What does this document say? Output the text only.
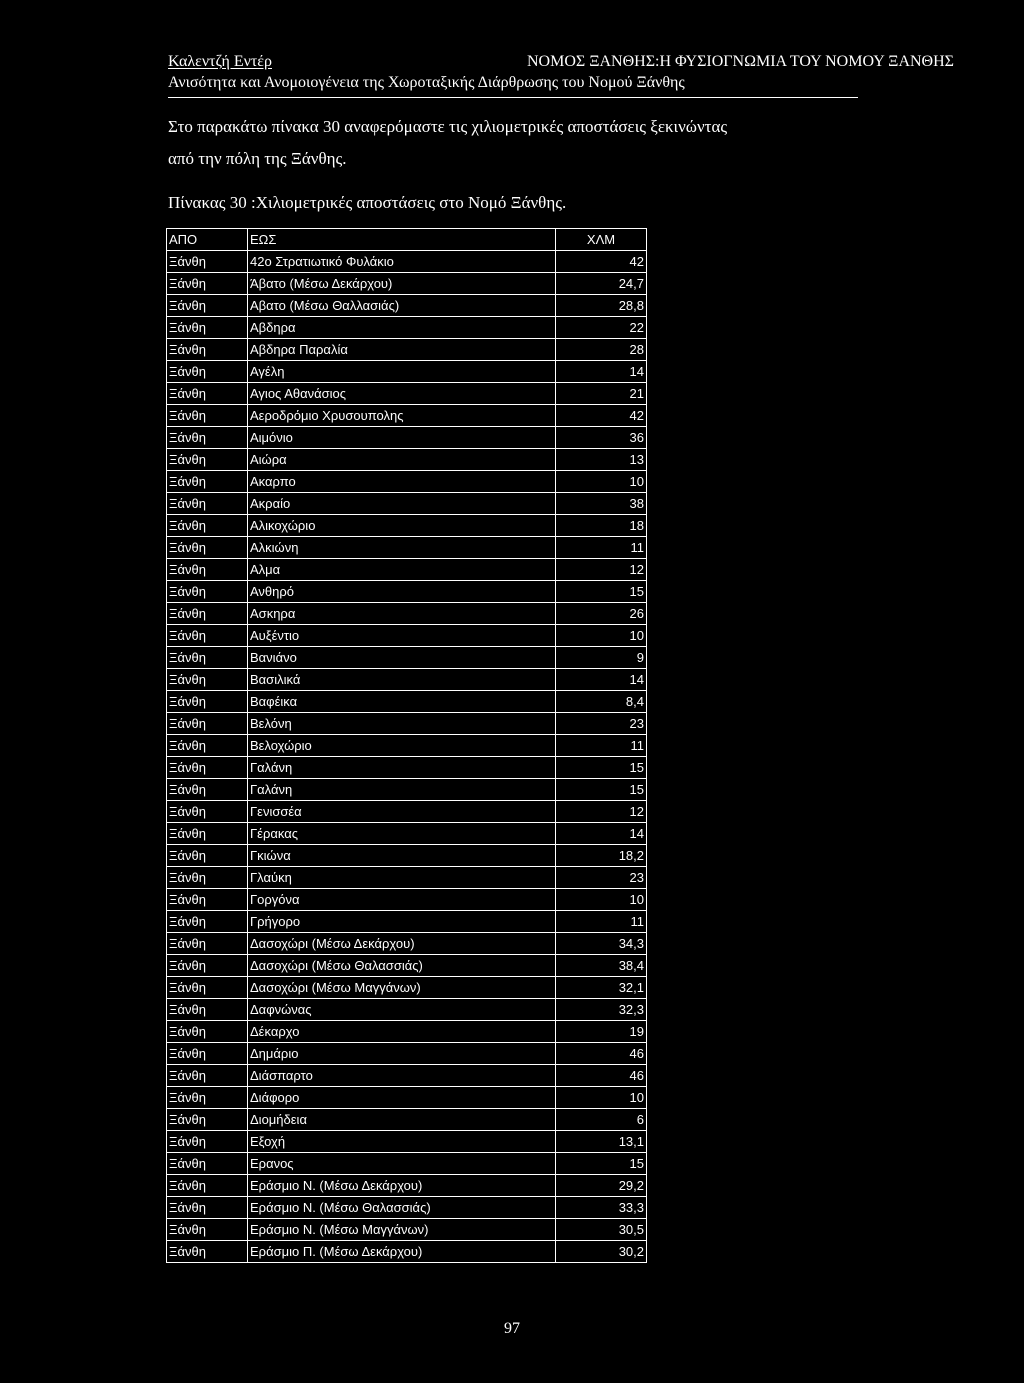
Καλεντζή Εντέρ	ΝΟΜΟΣ ΞΑΝΘΗΣ:Η ΦΥΣΙΟΓΝΩΜΙΑ ΤΟΥ ΝΟΜΟΥ ΞΑΝΘΗΣ
Ανισότητα και Ανομοιογένεια της Χωροταξικής Διάρθρωσης του Νομού Ξάνθης
Στο παρακάτω πίνακα 30 αναφερόμαστε τις χιλιομετρικές αποστάσεις ξεκινώντας
από την πόλη της Ξάνθης.
Πίνακας 30 :Χιλιομετρικές αποστάσεις στο Νομό Ξάνθης.
ΑΠΟ	ΕΩΣ	ΧΛΜ
Ξάνθη	42ο Στρατιωτικό Φυλάκιο	42
Ξάνθη	Άβατο (Μέσω Δεκάρχου)	24,7
Ξάνθη	Αβατο (Μέσω Θαλλασιάς)	28,8
Ξάνθη	Αβδηρα	22
Ξάνθη	Αβδηρα Παραλία	28
Ξάνθη	Αγέλη	14
Ξάνθη	Αγιος Αθανάσιος	21
Ξάνθη	Αεροδρόμιο Χρυσουπολης	42
Ξάνθη	Αιμόνιο	36
Ξάνθη	Αιώρα	13
Ξάνθη	Ακαρπο	10
Ξάνθη	Ακραίο	38
Ξάνθη	Αλικοχώριο	18
Ξάνθη	Αλκιώνη	11
Ξάνθη	Αλμα	12
Ξάνθη	Ανθηρό	15
Ξάνθη	Ασκηρα	26
Ξάνθη	Αυξέντιο	10
Ξάνθη	Βανιάνο	9
Ξάνθη	Βασιλικά	14
Ξάνθη	Βαφέικα	8,4
Ξάνθη	Βελόνη	23
Ξάνθη	Βελοχώριο	11
Ξάνθη	Γαλάνη	15
Ξάνθη	Γαλάνη	15
Ξάνθη	Γενισσέα	12
Ξάνθη	Γέρακας	14
Ξάνθη	Γκιώνα	18,2
Ξάνθη	Γλαύκη	23
Ξάνθη	Γοργόνα	10
Ξάνθη	Γρήγορο	11
Ξάνθη	Δασοχώρι (Μέσω Δεκάρχου)	34,3
Ξάνθη	Δασοχώρι (Μέσω Θαλασσιάς)	38,4
Ξάνθη	Δασοχώρι (Μέσω Μαγγάνων)	32,1
Ξάνθη	Δαφνώνας	32,3
Ξάνθη	Δέκαρχο	19
Ξάνθη	Δημάριο	46
Ξάνθη	Διάσπαρτο	46
Ξάνθη	Διάφορο	10
Ξάνθη	Διομήδεια	6
Ξάνθη	Εξοχή	13,1
Ξάνθη	Ερανος	15
Ξάνθη	Εράσμιο Ν. (Μέσω Δεκάρχου)	29,2
Ξάνθη	Εράσμιο Ν. (Μέσω Θαλασσιάς)	33,3
Ξάνθη	Εράσμιο Ν. (Μέσω Μαγγάνων)	30,5
Ξάνθη	Εράσμιο Π. (Μέσω Δεκάρχου)	30,2
97
